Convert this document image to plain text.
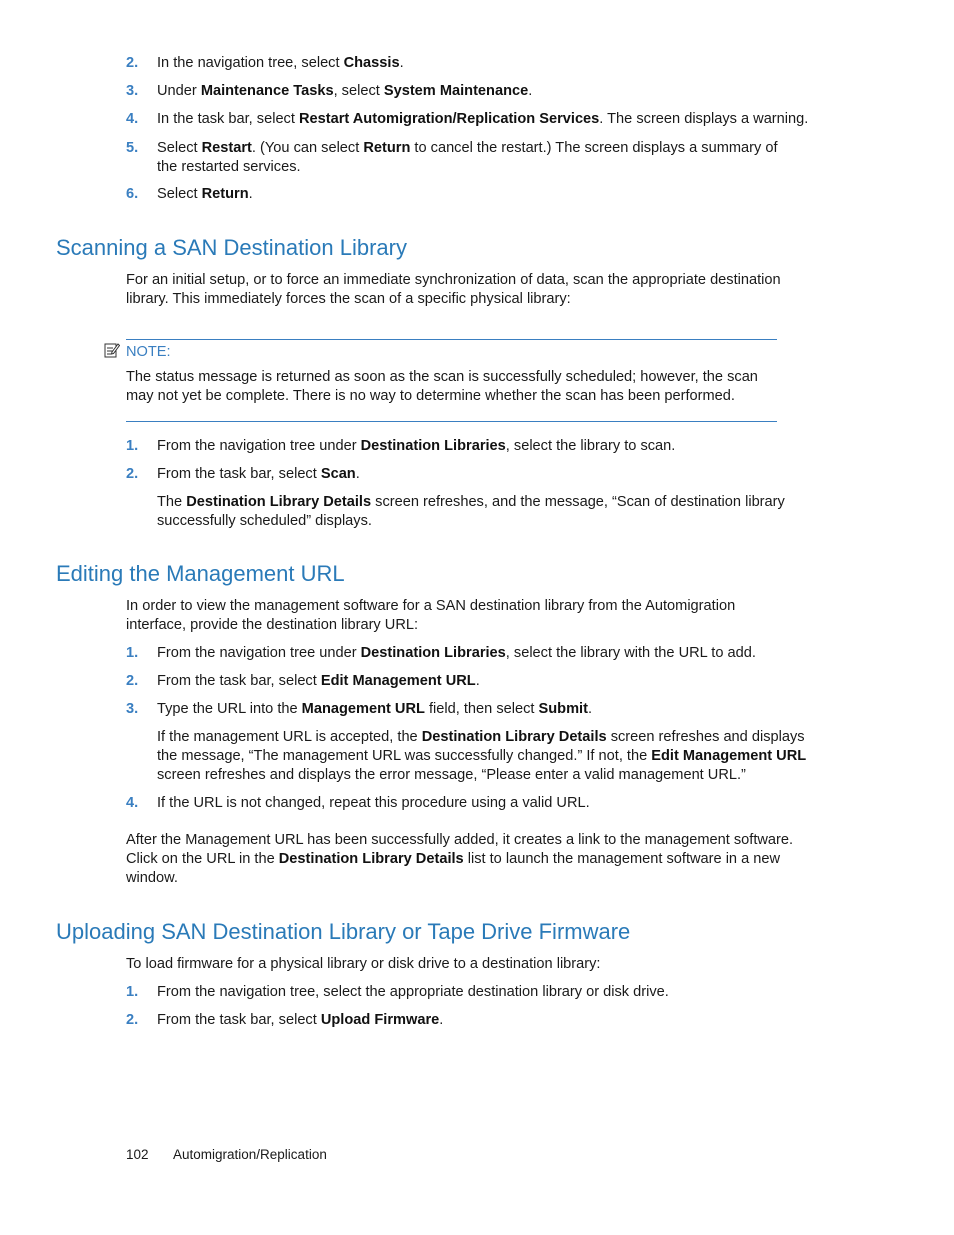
2. In the navigation tree, select Chassis.
3. Under Maintenance Tasks, select System Maintenance.
4. In the task bar, select Restart Automigration/Replication Services. The screen displays a warning.
5. Select Restart. (You can select Return to cancel the restart.) The screen displays a summary of the restarted services.
6. Select Return.
Scanning a SAN Destination Library
For an initial setup, or to force an immediate synchronization of data, scan the appropriate destination library. This immediately forces the scan of a specific physical library:
NOTE:
The status message is returned as soon as the scan is successfully scheduled; however, the scan may not yet be complete. There is no way to determine whether the scan has been performed.
1. From the navigation tree under Destination Libraries, select the library to scan.
2. From the task bar, select Scan.
The Destination Library Details screen refreshes, and the message, “Scan of destination library successfully scheduled” displays.
Editing the Management URL
In order to view the management software for a SAN destination library from the Automigration interface, provide the destination library URL:
1. From the navigation tree under Destination Libraries, select the library with the URL to add.
2. From the task bar, select Edit Management URL.
3. Type the URL into the Management URL field, then select Submit.
If the management URL is accepted, the Destination Library Details screen refreshes and displays the message, “The management URL was successfully changed.” If not, the Edit Management URL screen refreshes and displays the error message, “Please enter a valid management URL.”
4. If the URL is not changed, repeat this procedure using a valid URL.
After the Management URL has been successfully added, it creates a link to the management software. Click on the URL in the Destination Library Details list to launch the management software in a new window.
Uploading SAN Destination Library or Tape Drive Firmware
To load firmware for a physical library or disk drive to a destination library:
1. From the navigation tree, select the appropriate destination library or disk drive.
2. From the task bar, select Upload Firmware.
102 Automigration/Replication
